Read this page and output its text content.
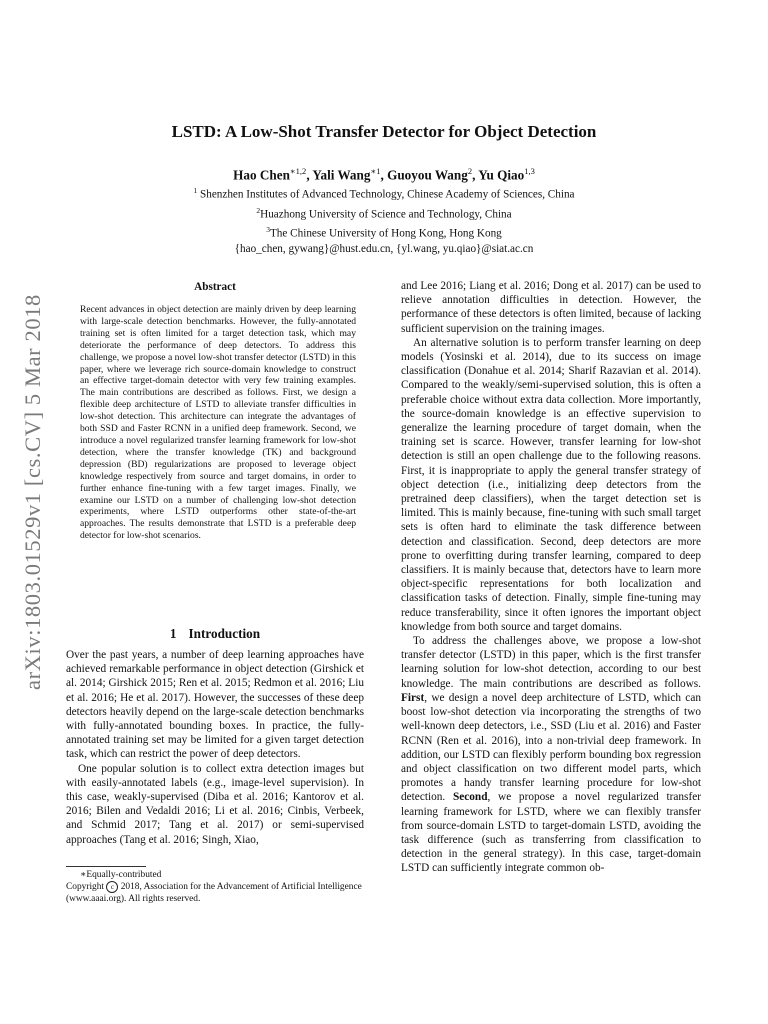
arXiv:1803.01529v1 [cs.CV] 5 Mar 2018
LSTD: A Low-Shot Transfer Detector for Object Detection
Hao Chen$^{∗1,2}$, Yali Wang$^{∗1}$, Guoyou Wang$^2$, Yu Qiao$^{1,3}$
$^1$ Shenzhen Institutes of Advanced Technology, Chinese Academy of Sciences, China
$^2$Huazhong University of Science and Technology, China
$^3$The Chinese University of Hong Kong, Hong Kong
{hao_chen, gywang}@hust.edu.cn, {yl.wang, yu.qiao}@siat.ac.cn
Abstract
Recent advances in object detection are mainly driven by deep learning with large-scale detection benchmarks. However, the fully-annotated training set is often limited for a target detection task, which may deteriorate the performance of deep detectors. To address this challenge, we propose a novel low-shot transfer detector (LSTD) in this paper, where we leverage rich source-domain knowledge to construct an effective target-domain detector with very few training examples. The main contributions are described as follows. First, we design a flexible deep architecture of LSTD to alleviate transfer difficulties in low-shot detection. This architecture can integrate the advantages of both SSD and Faster RCNN in a unified deep framework. Second, we introduce a novel regularized transfer learning framework for low-shot detection, where the transfer knowledge (TK) and background depression (BD) regularizations are proposed to leverage object knowledge respectively from source and target domains, in order to further enhance fine-tuning with a few target images. Finally, we examine our LSTD on a number of challenging low-shot detection experiments, where LSTD outperforms other state-of-the-art approaches. The results demonstrate that LSTD is a preferable deep detector for low-shot scenarios.
1 Introduction

Over the past years, a number of deep learning approaches have achieved remarkable performance in object detection (Girshick et al. 2014; Girshick 2015; Ren et al. 2015; Redmon et al. 2016; Liu et al. 2016; He et al. 2017). However, the successes of these deep detectors heavily depend on the large-scale detection benchmarks with fully-annotated bounding boxes. In practice, the fully-annotated training set may be limited for a given target detection task, which can restrict the power of deep detectors.

One popular solution is to collect extra detection images but with easily-annotated labels (e.g., image-level supervision). In this case, weakly-supervised (Diba et al. 2016; Kantorov et al. 2016; Bilen and Vedaldi 2016; Li et al. 2016; Cinbis, Verbeek, and Schmid 2017; Tang et al. 2017) or semi-supervised approaches (Tang et al. 2016; Singh, Xiao,

∗Equally-contributed
Copyright c 2018, Association for the Advancement of Artificial Intelligence (www.aaai.org). All rights reserved.

and Lee 2016; Liang et al. 2016; Dong et al. 2017) can be used to relieve annotation difficulties in detection. However, the performance of these detectors is often limited, because of lacking sufficient supervision on the training images.

An alternative solution is to perform transfer learning on deep models (Yosinski et al. 2014), due to its success on image classification (Donahue et al. 2014; Sharif Razavian et al. 2014). Compared to the weakly/semi-supervised solution, this is often a preferable choice without extra data collection. More importantly, the source-domain knowledge is an effective supervision to generalize the learning procedure of target domain, when the training set is scarce. However, transfer learning for low-shot detection is still an open challenge due to the following reasons. First, it is inappropriate to apply the general transfer strategy of object detection (i.e., initializing deep detectors from the pretrained deep classifiers), when the target detection set is limited. This is mainly because, fine-tuning with such small target sets is often hard to eliminate the task difference between detection and classification. Second, deep detectors are more prone to overfitting during transfer learning, compared to deep classifiers. It is mainly because that, detectors have to learn more object-specific representations for both localization and classification tasks of detection. Finally, simple fine-tuning may reduce transferability, since it often ignores the important object knowledge from both source and target domains.

To address the challenges above, we propose a low-shot transfer detector (LSTD) in this paper, which is the first transfer learning solution for low-shot detection, according to our best knowledge. The main contributions are described as follows. First, we design a novel deep architecture of LSTD, which can boost low-shot detection via incorporating the strengths of two well-known deep detectors, i.e., SSD (Liu et al. 2016) and Faster RCNN (Ren et al. 2016), into a non-trivial deep framework. In addition, our LSTD can flexibly perform bounding box regression and object classification on two different model parts, which promotes a handy transfer learning procedure for low-shot detection. Second, we propose a novel regularized transfer learning framework for LSTD, where we can flexibly transfer from source-domain LSTD to target-domain LSTD, avoiding the task difference (such as transferring from classification to detection in the general strategy). In this case, target-domain LSTD can sufficiently integrate common ob-
